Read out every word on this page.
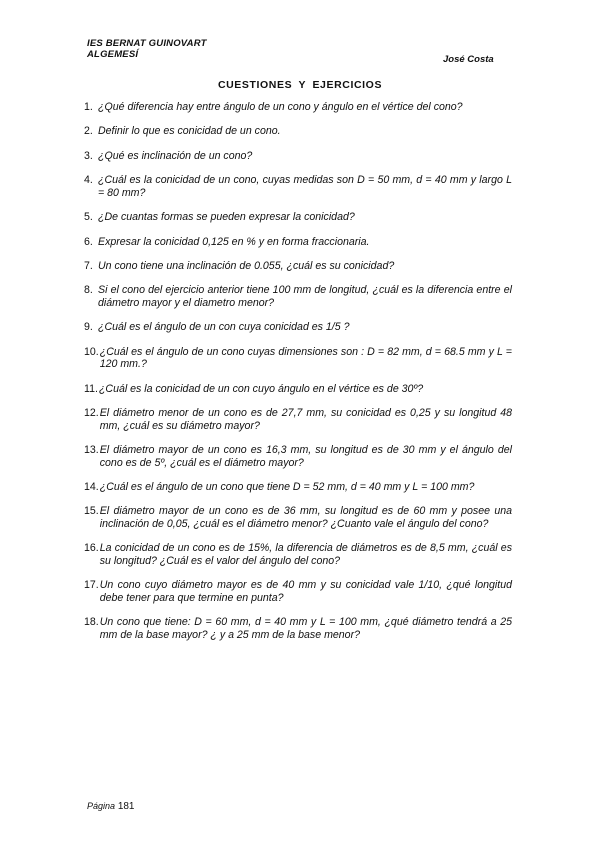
IES BERNAT GUINOVART
ALGEMESÍ	José Costa
CUESTIONES Y EJERCICIOS
1. ¿Qué diferencia hay entre ángulo de un cono y ángulo en el vértice del cono?
2. Definir lo que es conicidad de un cono.
3. ¿Qué es inclinación de un cono?
4. ¿Cuál es la conicidad de un cono, cuyas medidas son D = 50 mm, d = 40 mm y largo L = 80 mm?
5. ¿De cuantas formas se pueden expresar la conicidad?
6. Expresar la conicidad 0,125 en % y en forma fraccionaria.
7. Un cono tiene una inclinación de 0.055, ¿cuál es su conicidad?
8. Si el cono del ejercicio anterior tiene 100 mm de longitud, ¿cuál es la diferencia entre el diámetro mayor y el diametro menor?
9. ¿Cuál es el ángulo de un con cuya conicidad es 1/5 ?
10. ¿Cuál es el ángulo de un cono cuyas dimensiones son : D = 82 mm, d = 68.5 mm y L = 120 mm.?
11. ¿Cuál es la conicidad de un con cuyo ángulo en el vértice es de 30º?
12. El diámetro menor de un cono es de 27,7 mm, su conicidad es 0,25 y su longitud 48 mm, ¿cuál es su diámetro mayor?
13. El diámetro mayor de un cono es 16,3 mm, su longitud es de 30 mm y el ángulo del cono es de 5º, ¿cuál es el diámetro mayor?
14. ¿Cuál es el ángulo de un cono que tiene D = 52 mm, d = 40 mm y L = 100 mm?
15. El diámetro mayor de un cono es de 36 mm, su longitud es de 60 mm y posee una inclinación de 0,05, ¿cuál es el diámetro menor? ¿Cuanto vale el ángulo del cono?
16. La conicidad de un cono es de 15%, la diferencia de diámetros es de 8,5 mm, ¿cuál es su longitud? ¿Cuál es el valor del ángulo del cono?
17. Un cono cuyo diámetro mayor es de 40 mm y su conicidad vale 1/10, ¿qué longitud debe tener para que termine en punta?
18. Un cono que tiene: D = 60 mm, d = 40 mm y L = 100 mm, ¿qué diámetro tendrá a 25 mm de la base mayor? ¿ y a 25 mm de la base menor?
Página 181
